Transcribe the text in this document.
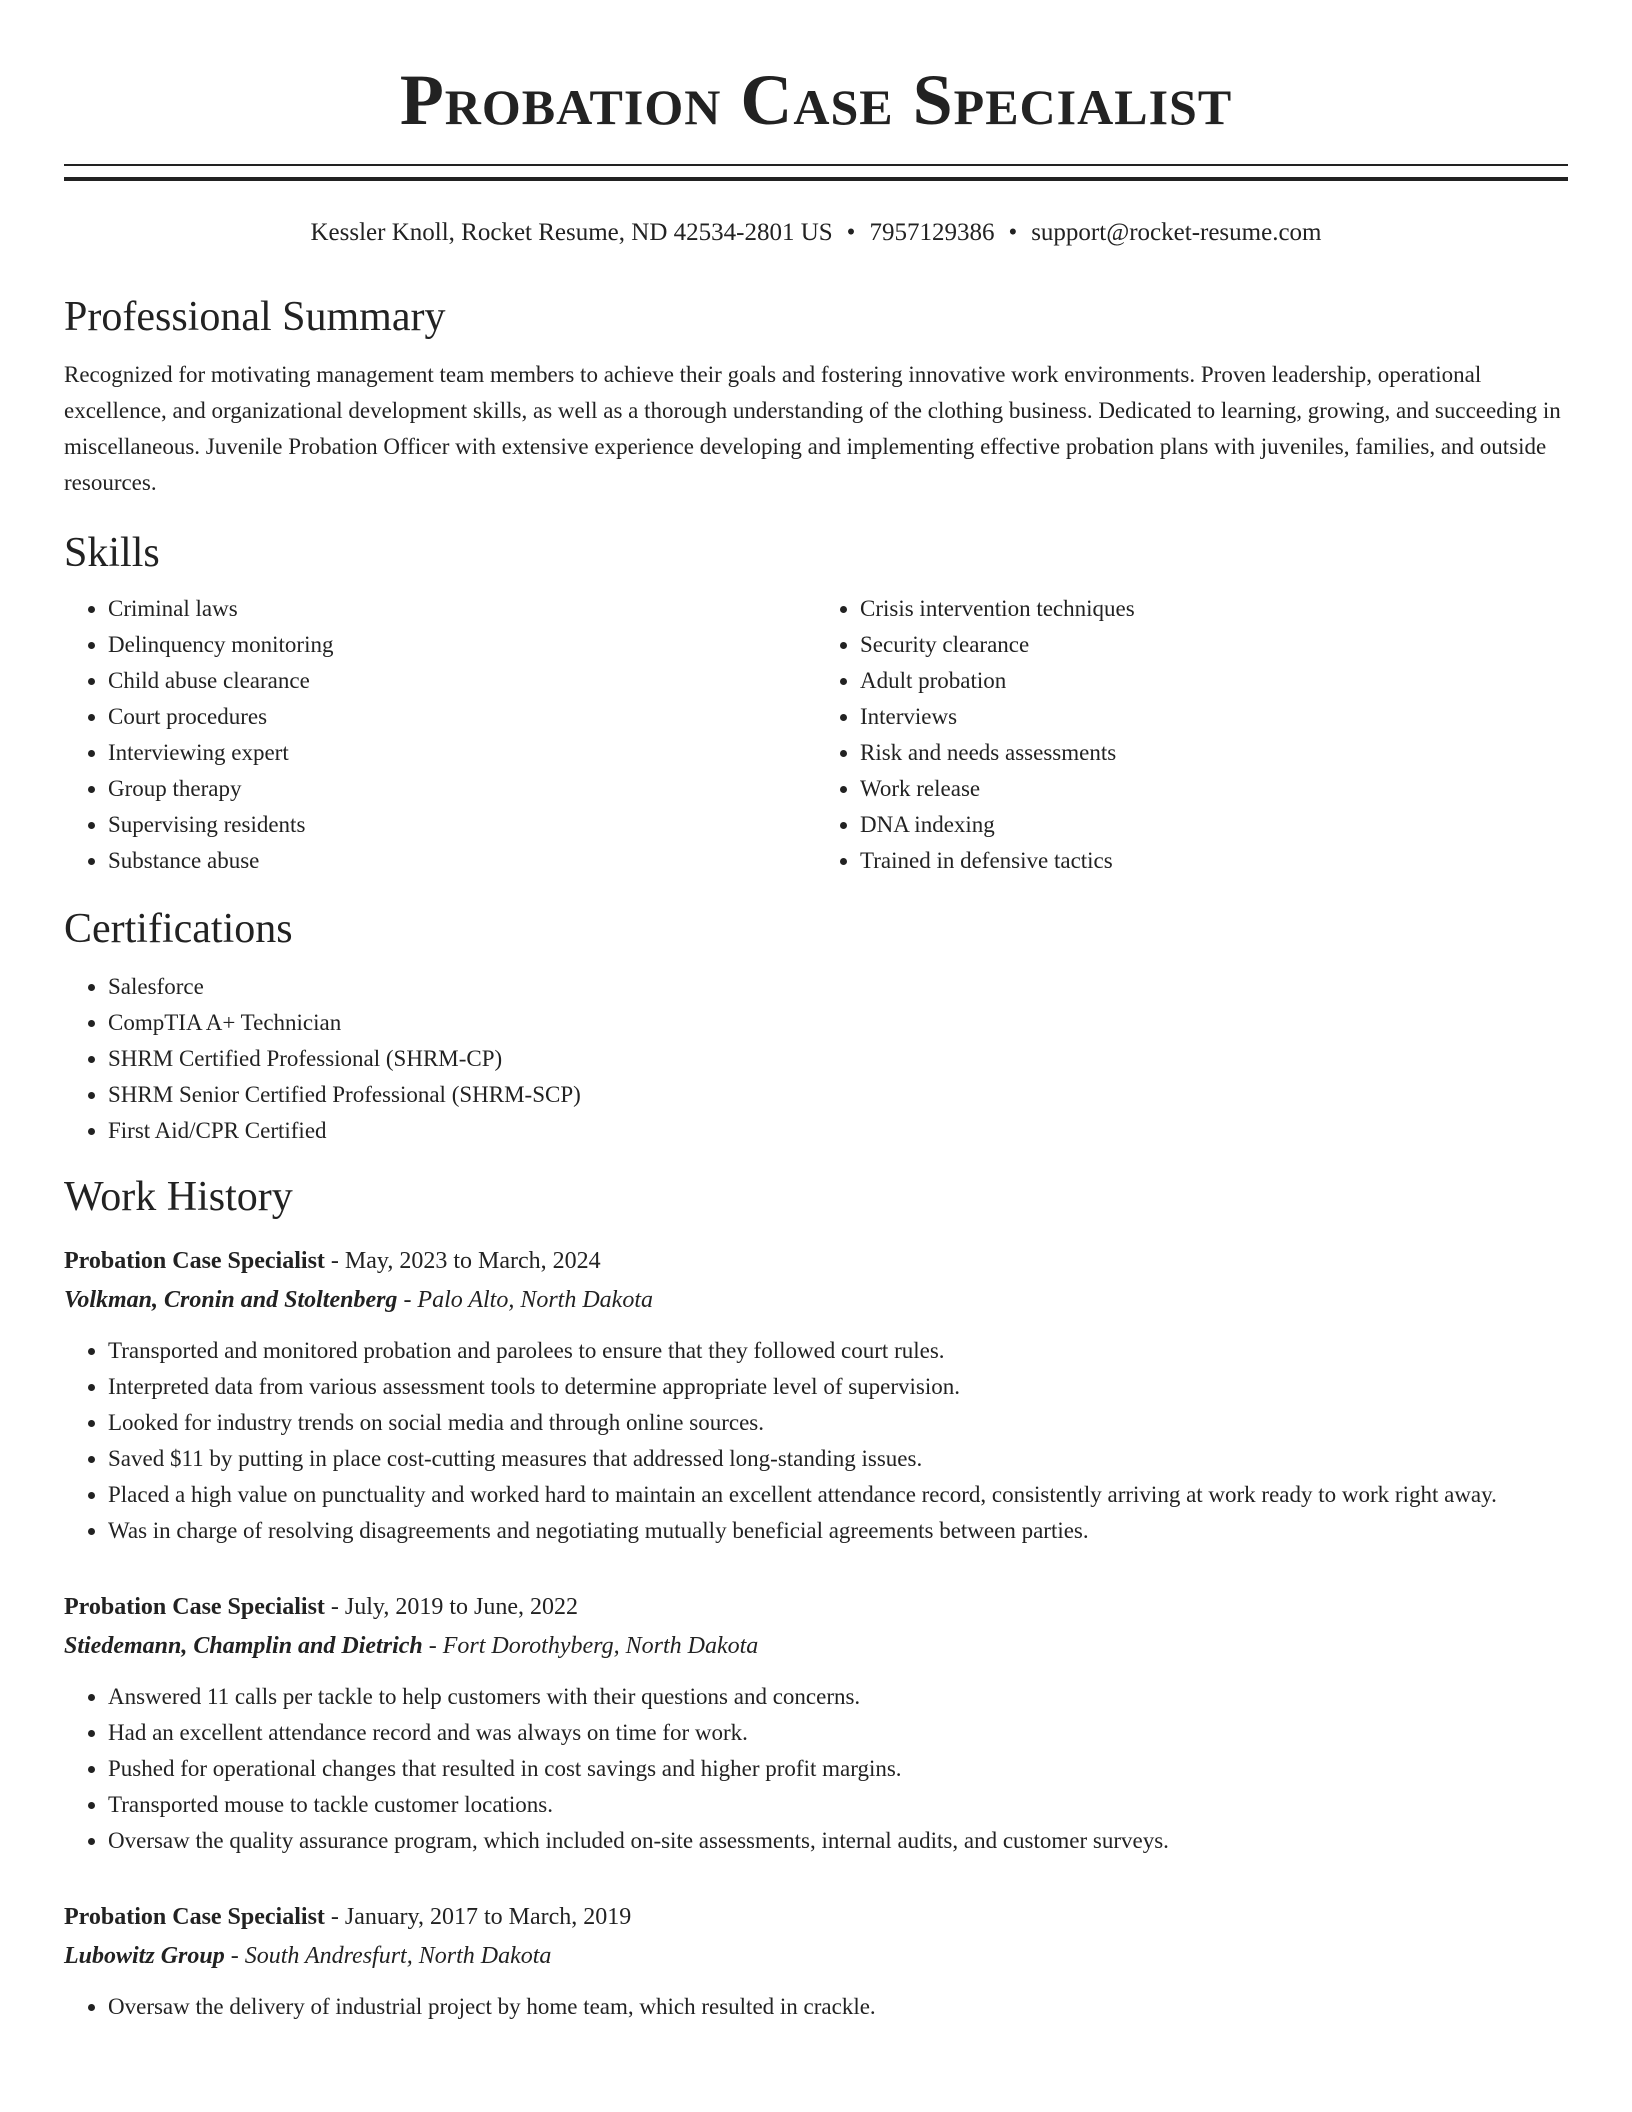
Probation Case Specialist
Kessler Knoll, Rocket Resume, ND 42534-2801 US • 7957129386 • support@rocket-resume.com
Professional Summary

Recognized for motivating management team members to achieve their goals and fostering innovative work environments. Proven leadership, operational excellence, and organizational development skills, as well as a thorough understanding of the clothing business. Dedicated to learning, growing, and succeeding in miscellaneous. Juvenile Probation Officer with extensive experience developing and implementing effective probation plans with juveniles, families, and outside resources.

Skills
• Criminal laws
• Delinquency monitoring
• Child abuse clearance
• Court procedures
• Interviewing expert
• Group therapy
• Supervising residents
• Substance abuse
• Crisis intervention techniques
• Security clearance
• Adult probation
• Interviews
• Risk and needs assessments
• Work release
• DNA indexing
• Trained in defensive tactics
Certifications
• Salesforce
• CompTIA A+ Technician
• SHRM Certified Professional (SHRM-CP)
• SHRM Senior Certified Professional (SHRM-SCP)
• First Aid/CPR Certified
Work History
Probation Case Specialist - May, 2023 to March, 2024
Volkman, Cronin and Stoltenberg - Palo Alto, North Dakota
• Transported and monitored probation and parolees to ensure that they followed court rules.
• Interpreted data from various assessment tools to determine appropriate level of supervision.
• Looked for industry trends on social media and through online sources.
• Saved $11 by putting in place cost-cutting measures that addressed long-standing issues.
• Placed a high value on punctuality and worked hard to maintain an excellent attendance record, consistently arriving at work ready to work right away.
• Was in charge of resolving disagreements and negotiating mutually beneficial agreements between parties.
Probation Case Specialist - July, 2019 to June, 2022
Stiedemann, Champlin and Dietrich - Fort Dorothyberg, North Dakota
• Answered 11 calls per tackle to help customers with their questions and concerns.
• Had an excellent attendance record and was always on time for work.
• Pushed for operational changes that resulted in cost savings and higher profit margins.
• Transported mouse to tackle customer locations.
• Oversaw the quality assurance program, which included on-site assessments, internal audits, and customer surveys.
Probation Case Specialist - January, 2017 to March, 2019
Lubowitz Group - South Andresfurt, North Dakota
• Oversaw the delivery of industrial project by home team, which resulted in crackle.
